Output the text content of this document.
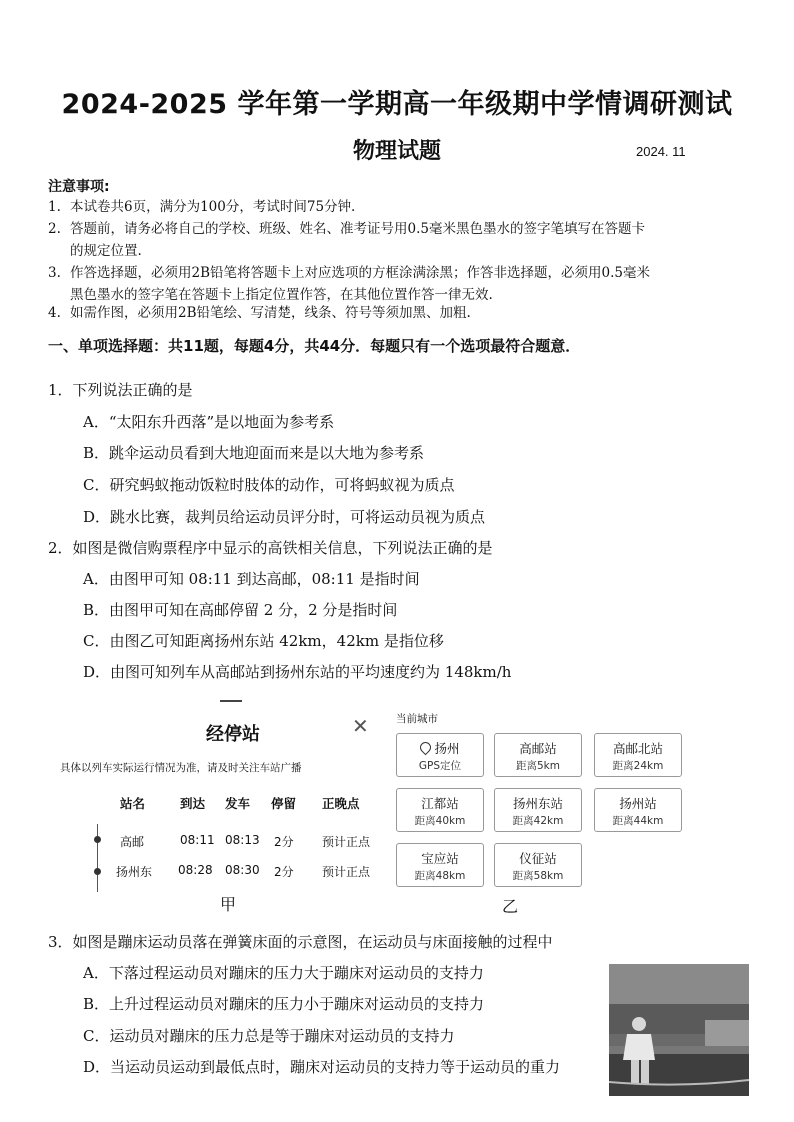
2024-2025 学年第一学期高一年级期中学情调研测试
物理试题	2024. 11
注意事项:
1. 本试卷共6页，满分为100分，考试时间75分钟.
2. 答题前，请务必将自己的学校、班级、姓名、准考证号用0.5毫米黑色墨水的签字笔填写在答题卡
的规定位置.
3. 作答选择题，必须用2B铅笔将答题卡上对应选项的方框涂满涂黑；作答非选择题，必须用0.5毫米
黑色墨水的签字笔在答题卡上指定位置作答，在其他位置作答一律无效.
4. 如需作图，必须用2B铅笔绘、写清楚，线条、符号等须加黑、加粗.
一、单项选择题：共11题，每题4分，共44分．每题只有一个选项最符合题意．
1．下列说法正确的是
A．“太阳东升西落”是以地面为参考系
B．跳伞运动员看到大地迎面而来是以大地为参考系
C．研究蚂蚁拖动饭粒时肢体的动作，可将蚂蚁视为质点
D．跳水比赛，裁判员给运动员评分时，可将运动员视为质点
2．如图是微信购票程序中显示的高铁相关信息，下列说法正确的是
A．由图甲可知 08:11 到达高邮，08:11 是指时间
B．由图甲可知在高邮停留 2 分，2 分是指时间
C．由图乙可知距离扬州东站 42km，42km 是指位移
D．由图可知列车从高邮站到扬州东站的平均速度约为 148km/h
经停站	✕
具体以列车实际运行情况为准，请及时关注车站广播
站名	到达 发车 停留 正晚点
高邮	08:11 08:13 2分 预计正点
扬州东 08:28 08:30 2分 预计正点
甲
当前城市
扬州
GPS定位
高邮站
距离5km
高邮北站
距离24km
江都站
距离40km
扬州东站
距离42km
扬州站
距离44km
宝应站
距离48km
仪征站
距离58km
乙
3．如图是蹦床运动员落在弹簧床面的示意图，在运动员与床面接触的过程中
A．下落过程运动员对蹦床的压力大于蹦床对运动员的支持力
B．上升过程运动员对蹦床的压力小于蹦床对运动员的支持力
C．运动员对蹦床的压力总是等于蹦床对运动员的支持力
D．当运动员运动到最低点时，蹦床对运动员的支持力等于运动员的重力
